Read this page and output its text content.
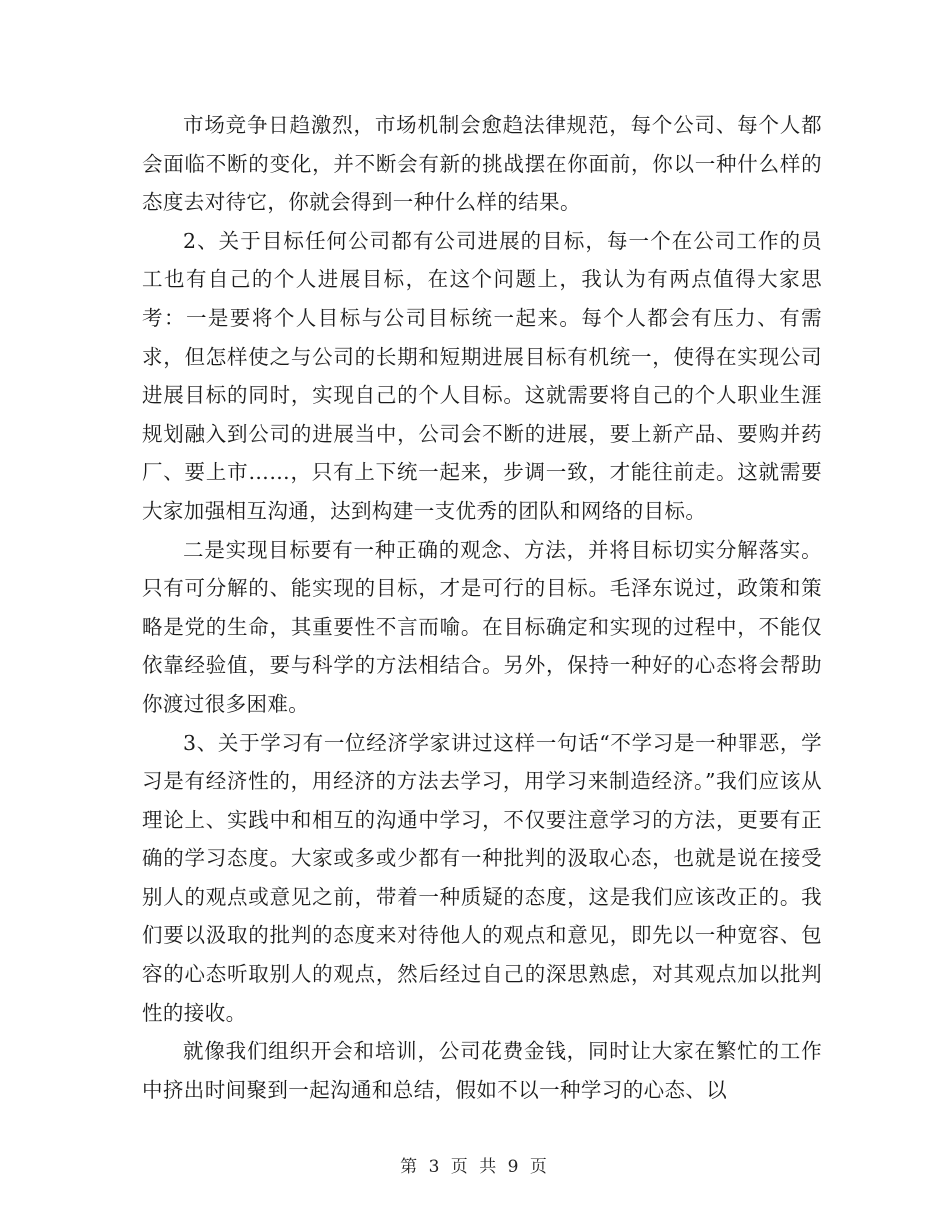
市场竞争日趋激烈，市场机制会愈趋法律规范，每个公司、每个人都会面临不断的变化，并不断会有新的挑战摆在你面前，你以一种什么样的态度去对待它，你就会得到一种什么样的结果。

2、关于目标任何公司都有公司进展的目标，每一个在公司工作的员工也有自己的个人进展目标，在这个问题上，我认为有两点值得大家思考：一是要将个人目标与公司目标统一起来。每个人都会有压力、有需求，但怎样使之与公司的长期和短期进展目标有机统一，使得在实现公司进展目标的同时，实现自己的个人目标。这就需要将自己的个人职业生涯规划融入到公司的进展当中，公司会不断的进展，要上新产品、要购并药厂、要上市……，只有上下统一起来，步调一致，才能往前走。这就需要大家加强相互沟通，达到构建一支优秀的团队和网络的目标。

二是实现目标要有一种正确的观念、方法，并将目标切实分解落实。只有可分解的、能实现的目标，才是可行的目标。毛泽东说过，政策和策略是党的生命，其重要性不言而喻。在目标确定和实现的过程中，不能仅依靠经验值，要与科学的方法相结合。另外，保持一种好的心态将会帮助你渡过很多困难。

3、关于学习有一位经济学家讲过这样一句话“不学习是一种罪恶，学习是有经济性的，用经济的方法去学习，用学习来制造经济。”我们应该从理论上、实践中和相互的沟通中学习，不仅要注意学习的方法，更要有正确的学习态度。大家或多或少都有一种批判的汲取心态，也就是说在接受别人的观点或意见之前，带着一种质疑的态度，这是我们应该改正的。我们要以汲取的批判的态度来对待他人的观点和意见，即先以一种宽容、包容的心态听取别人的观点，然后经过自己的深思熟虑，对其观点加以批判性的接收。

就像我们组织开会和培训，公司花费金钱，同时让大家在繁忙的工作中挤出时间聚到一起沟通和总结，假如不以一种学习的心态、以

第 3 页 共 9 页
